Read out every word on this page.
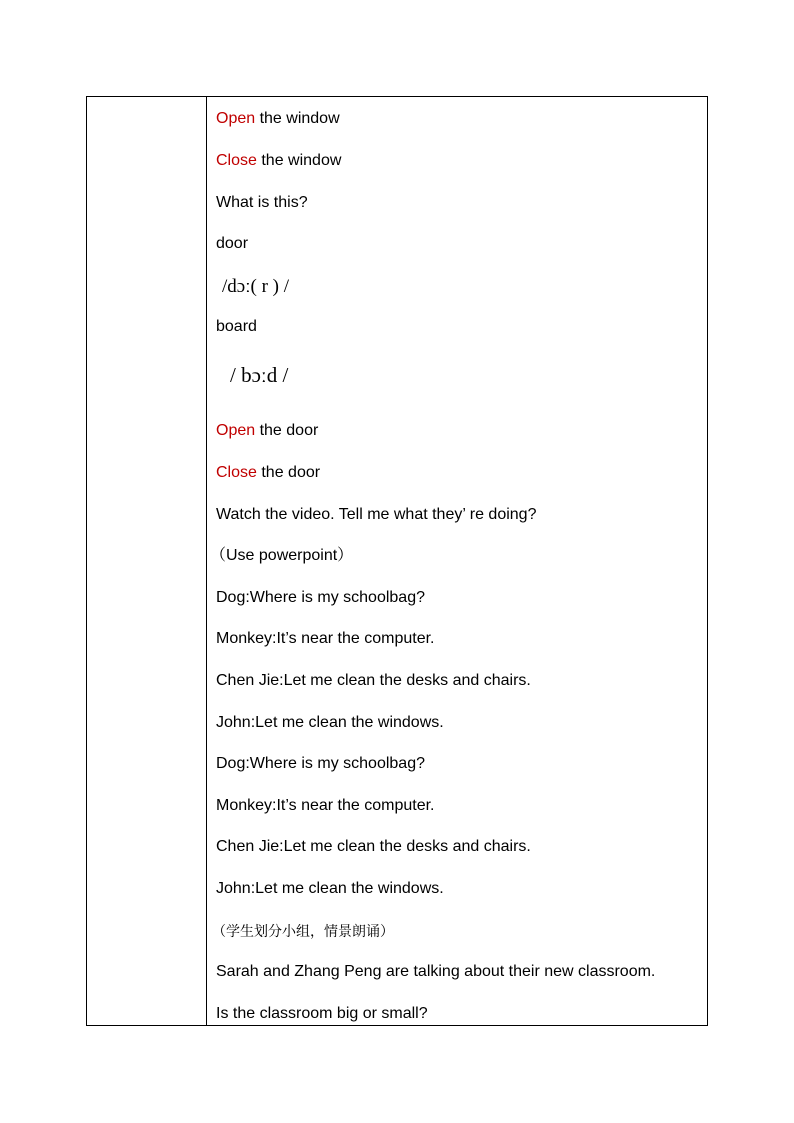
Open the window
Close the window
What is this?
door
/dɔː( r ) /
board
/ bɔːd /
Open the door
Close the door
Watch the video. Tell me what they’ re doing?
（Use powerpoint）
Dog:Where is my schoolbag?
Monkey:It’s near the computer.
Chen Jie:Let me clean the desks and chairs.
John:Let me clean the windows.
Dog:Where is my schoolbag?
Monkey:It’s near the computer.
Chen Jie:Let me clean the desks and chairs.
John:Let me clean the windows.
（学生划分小组，情景朗诵）
Sarah and Zhang Peng are talking about their new classroom.
Is the classroom big or small?
